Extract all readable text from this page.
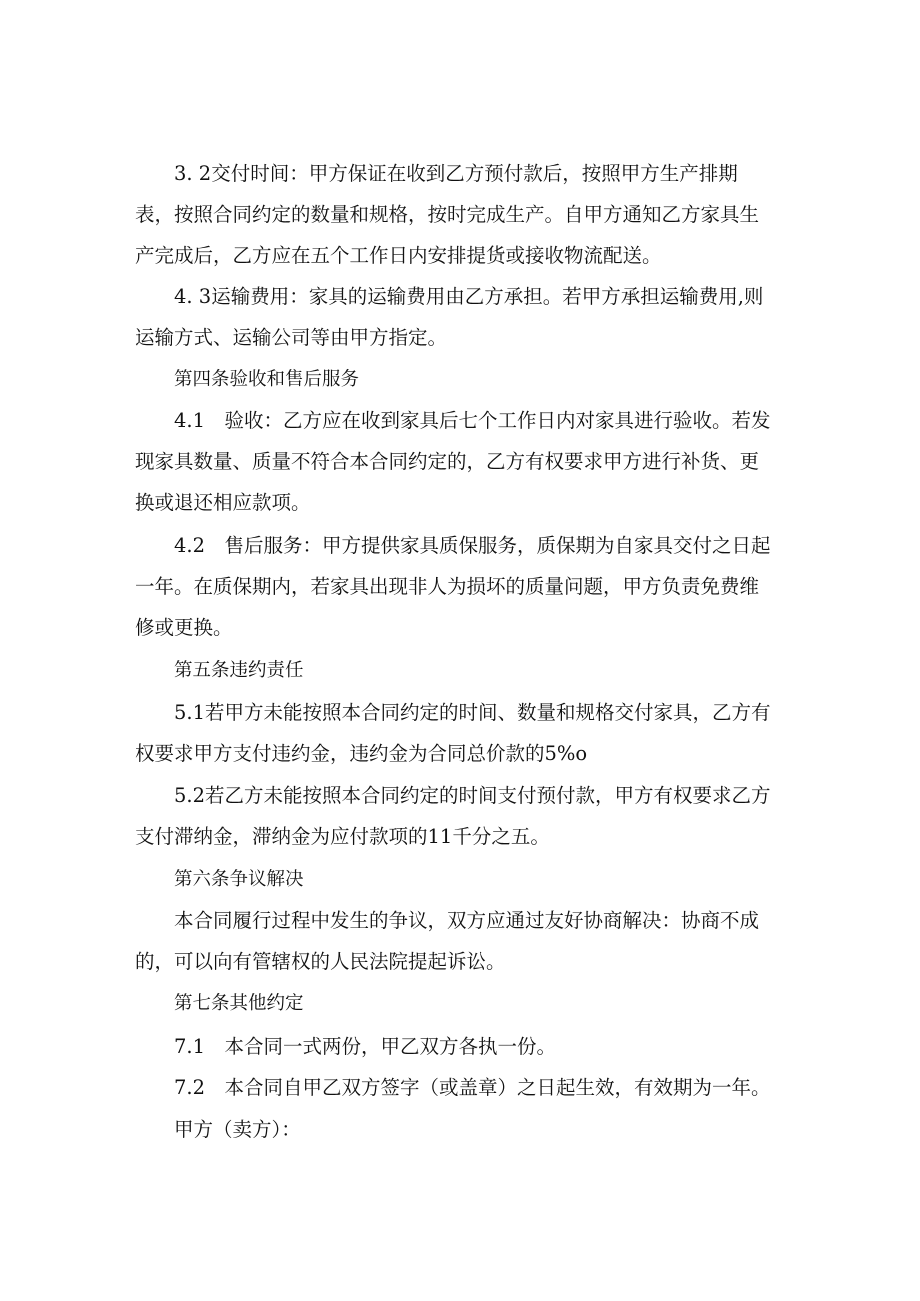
3. 2交付时间：甲方保证在收到乙方预付款后，按照甲方生产排期

表，按照合同约定的数量和规格，按时完成生产。自甲方通知乙方家具生

产完成后，乙方应在五个工作日内安排提货或接收物流配送。

4. 3运输费用：家具的运输费用由乙方承担。若甲方承担运输费用,则

运输方式、运输公司等由甲方指定。

第四条验收和售后服务

4.1　验收：乙方应在收到家具后七个工作日内对家具进行验收。若发

现家具数量、质量不符合本合同约定的，乙方有权要求甲方进行补货、更

换或退还相应款项。

4.2　售后服务：甲方提供家具质保服务，质保期为自家具交付之日起

一年。在质保期内，若家具出现非人为损坏的质量问题，甲方负责免费维

修或更换。

第五条违约责任

5.1若甲方未能按照本合同约定的时间、数量和规格交付家具，乙方有

权要求甲方支付违约金，违约金为合同总价款的5%o

5.2若乙方未能按照本合同约定的时间支付预付款，甲方有权要求乙方

支付滞纳金，滞纳金为应付款项的11千分之五。

第六条争议解决

本合同履行过程中发生的争议，双方应通过友好协商解决：协商不成

的，可以向有管辖权的人民法院提起诉讼。

第七条其他约定

7.1　本合同一式两份，甲乙双方各执一份。

7.2　本合同自甲乙双方签字（或盖章）之日起生效，有效期为一年。

甲方（卖方）：
